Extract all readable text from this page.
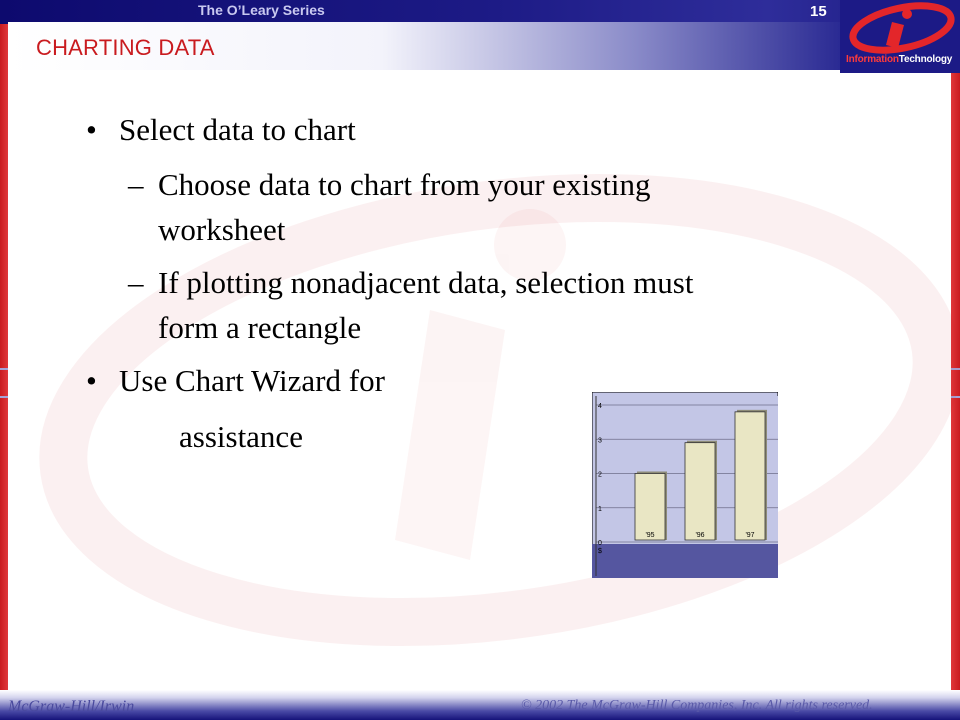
The O’Leary Series	15
CHARTING DATA	InformationTechnology
• Select data to chart
– Choose data to chart from your existing
worksheet
– If plotting nonadjacent data, selection must
form a rectangle
• Use Chart Wizard for
assistance
'95	'96	'97
0
1
2
3
4
$
McGraw-Hill/Irwin	© 2002 The McGraw-Hill Companies, Inc. All rights reserved.
